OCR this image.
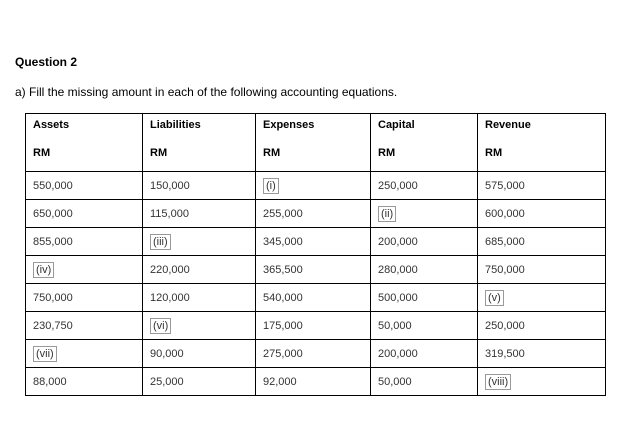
Question 2

a) Fill the missing amount in each of the following accounting equations.

Assets	Liabilities	Expenses	Capital	Revenue
RM	RM	RM	RM	RM
550,000	150,000	(i)	250,000	575,000
650,000	115,000	255,000	(ii)	600,000
855,000	(iii)	345,000	200,000	685,000
(iv)	220,000	365,500	280,000	750,000
750,000	120,000	540,000	500,000	(v)
230,750	(vi)	175,000	50,000	250,000
(vii)	90,000	275,000	200,000	319,500
88,000	25,000	92,000	50,000	(viii)
